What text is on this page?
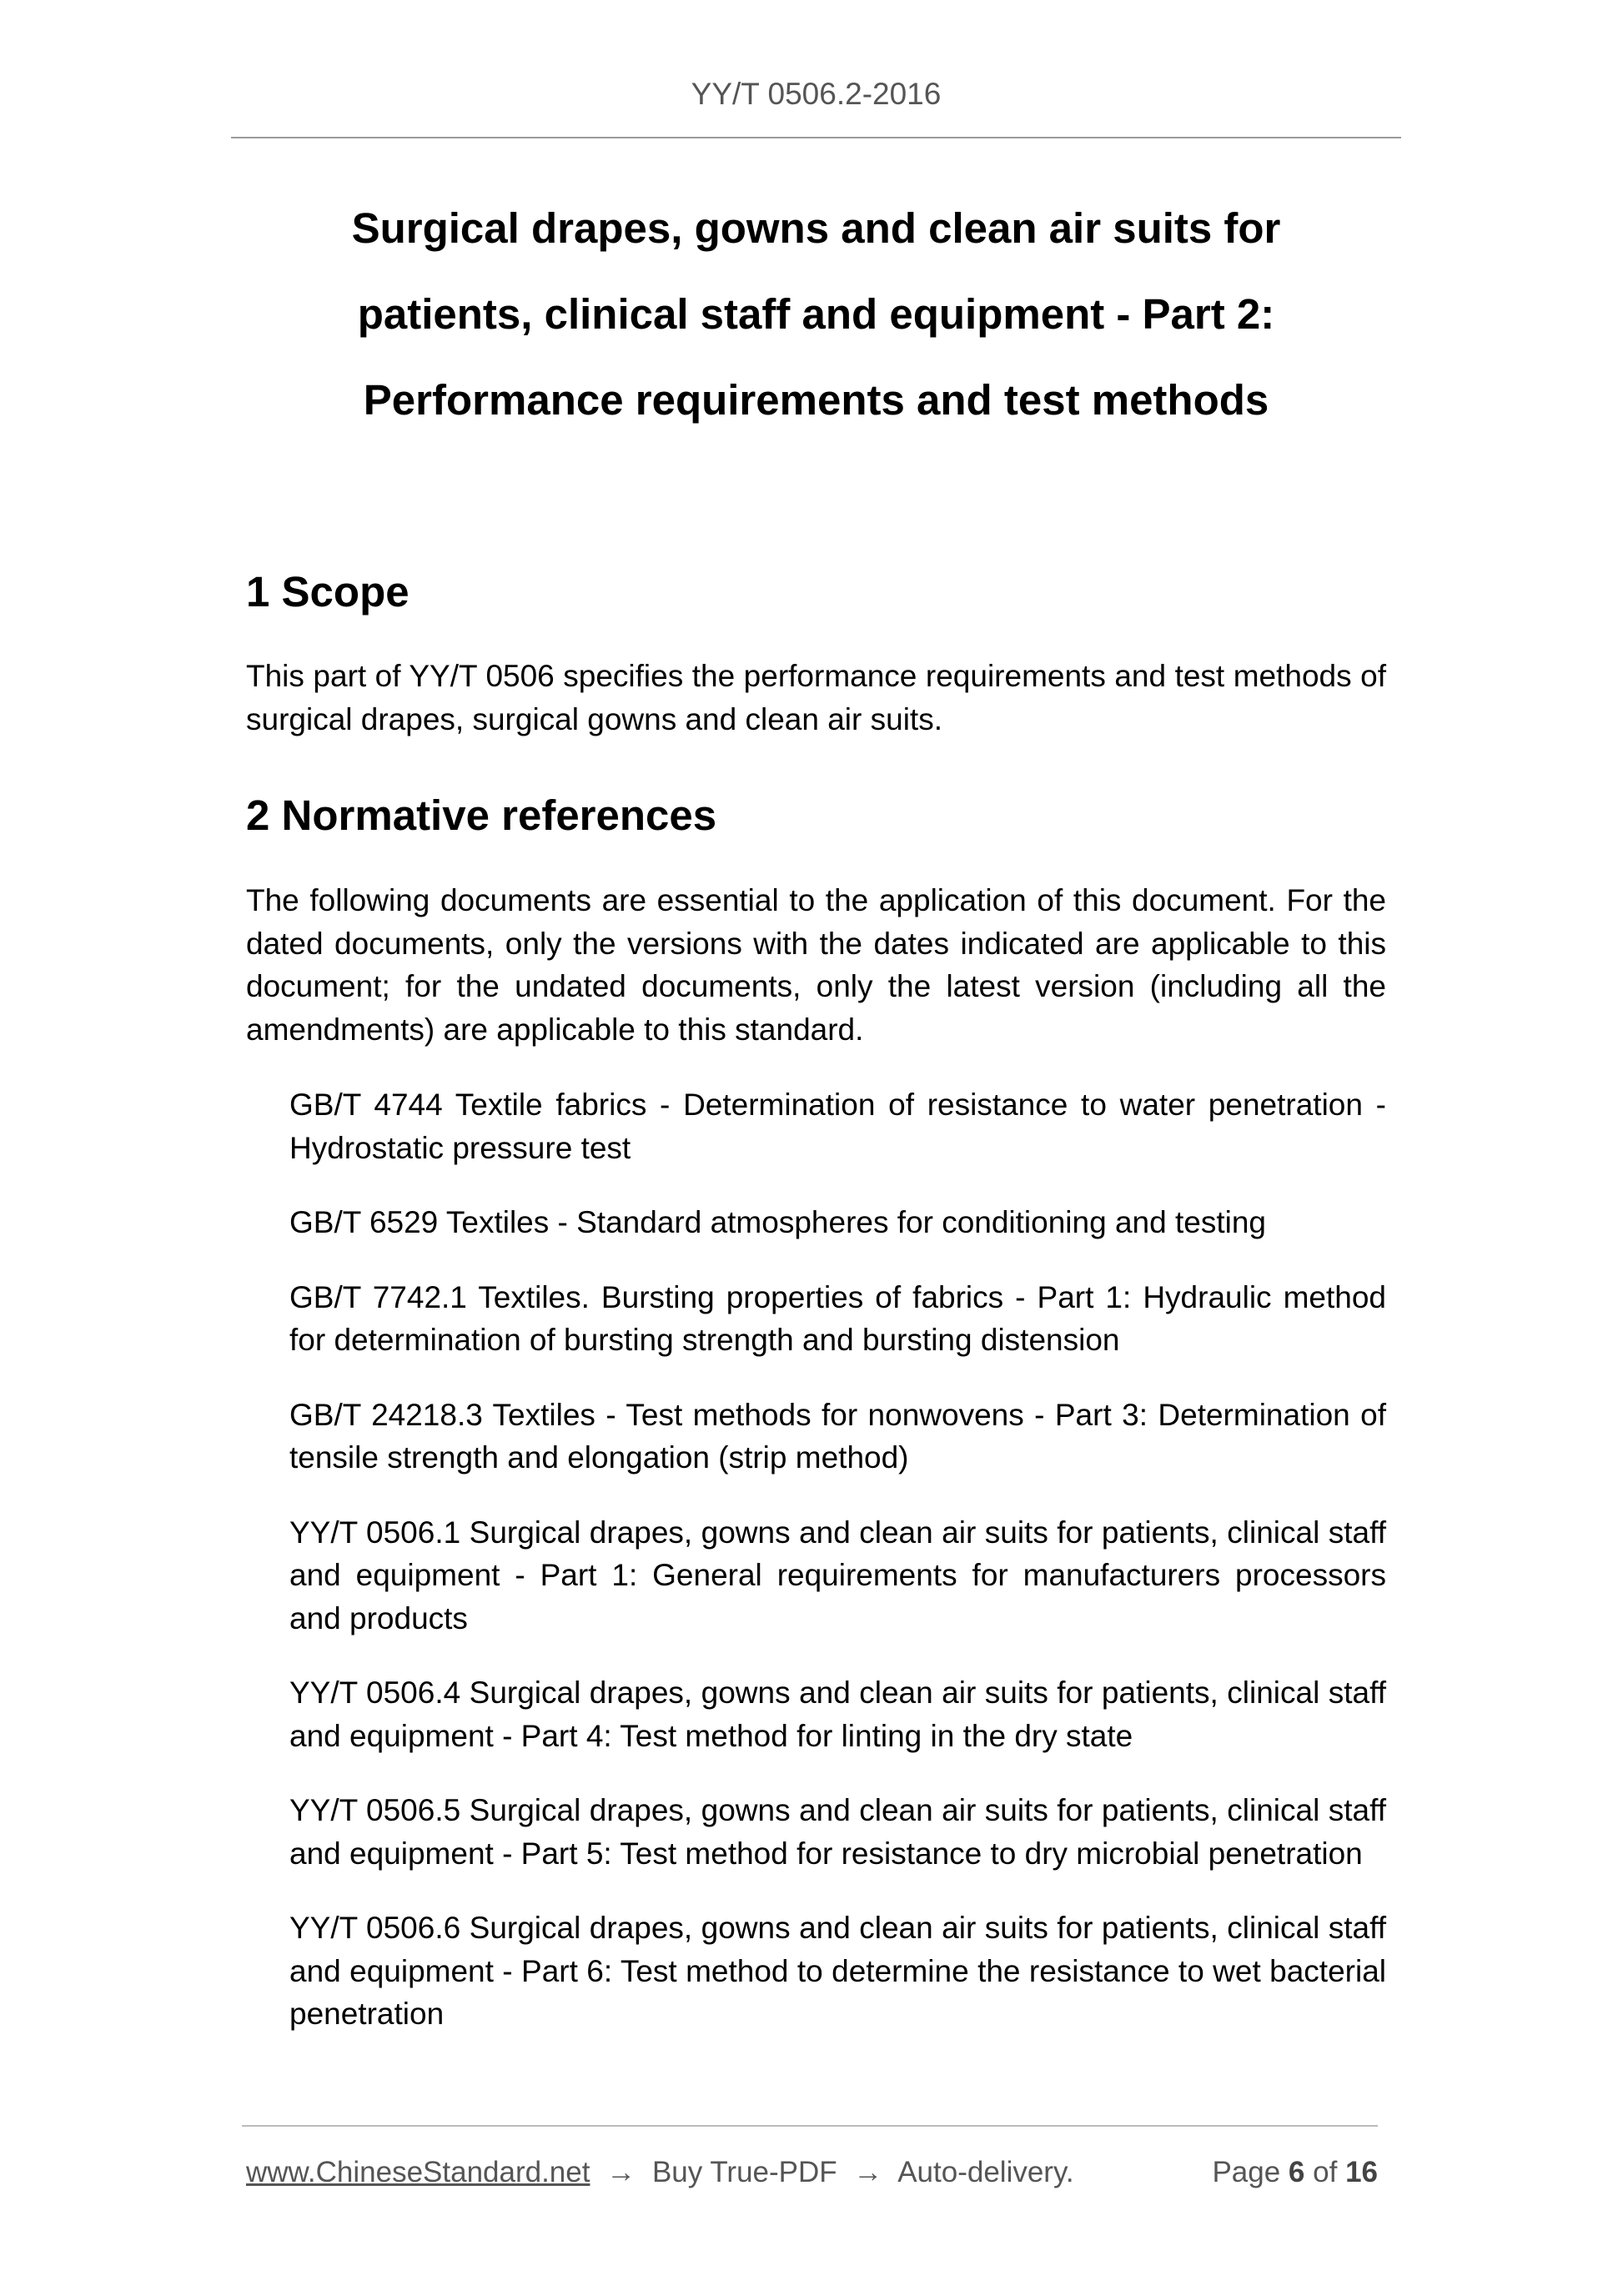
YY/T 0506.2-2016
Surgical drapes, gowns and clean air suits for
patients, clinical staff and equipment - Part 2:
Performance requirements and test methods
1 Scope

This part of YY/T 0506 specifies the performance requirements and test methods of surgical drapes, surgical gowns and clean air suits.

2 Normative references

The following documents are essential to the application of this document. For the dated documents, only the versions with the dates indicated are applicable to this document; for the undated documents, only the latest version (including all the amendments) are applicable to this standard.

GB/T 4744 Textile fabrics - Determination of resistance to water penetration - Hydrostatic pressure test
GB/T 6529 Textiles - Standard atmospheres for conditioning and testing
GB/T 7742.1 Textiles. Bursting properties of fabrics - Part 1: Hydraulic method for determination of bursting strength and bursting distension
GB/T 24218.3 Textiles - Test methods for nonwovens - Part 3: Determination of tensile strength and elongation (strip method)
YY/T 0506.1 Surgical drapes, gowns and clean air suits for patients, clinical staff and equipment - Part 1: General requirements for manufacturers processors and products
YY/T 0506.4 Surgical drapes, gowns and clean air suits for patients, clinical staff and equipment - Part 4: Test method for linting in the dry state
YY/T 0506.5 Surgical drapes, gowns and clean air suits for patients, clinical staff and equipment - Part 5: Test method for resistance to dry microbial penetration
YY/T 0506.6 Surgical drapes, gowns and clean air suits for patients, clinical staff and equipment - Part 6: Test method to determine the resistance to wet bacterial penetration
www.ChineseStandard.net → Buy True-PDF → Auto-delivery.	Page 6 of 16
